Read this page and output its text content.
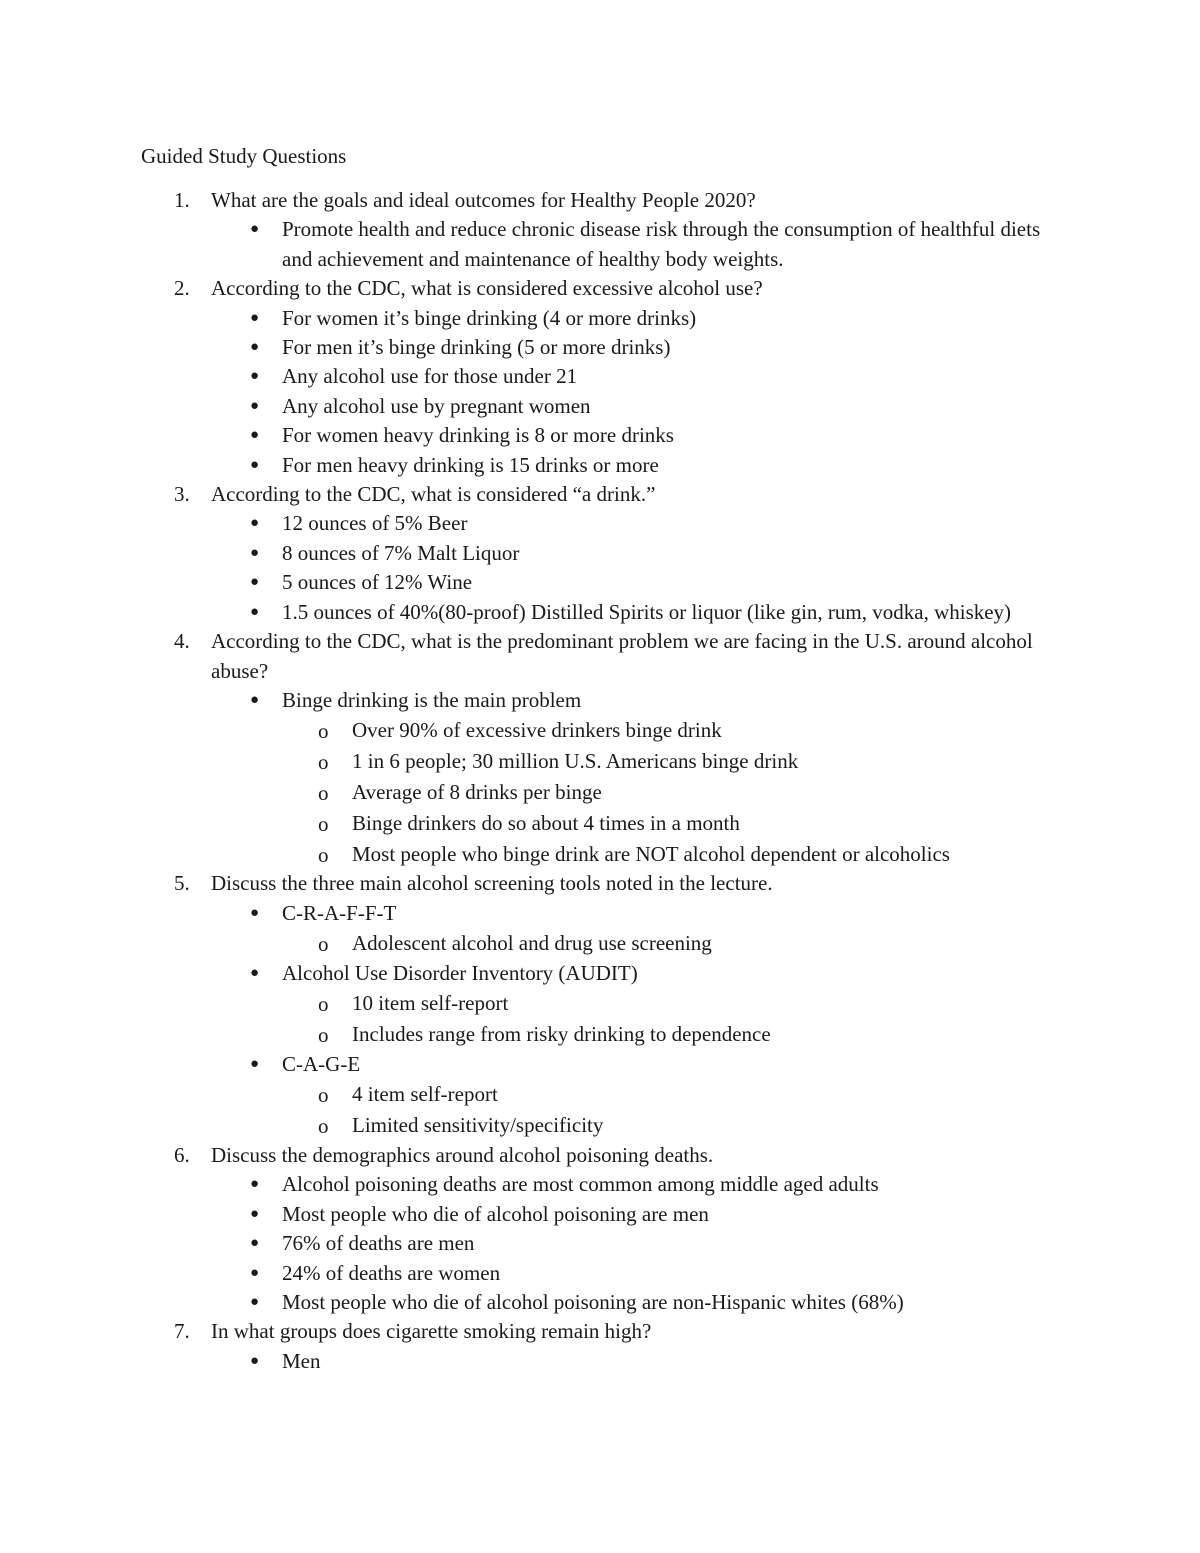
Guided Study Questions
1. What are the goals and ideal outcomes for Healthy People 2020?
●
Promote health and reduce chronic disease risk through the consumption of healthful diets and achievement and maintenance of healthy body weights.
2. According to the CDC, what is considered excessive alcohol use?
●
For women it’s binge drinking (4 or more drinks)
●
For men it’s binge drinking (5 or more drinks)
●
Any alcohol use for those under 21
●
Any alcohol use by pregnant women
●
For women heavy drinking is 8 or more drinks
●
For men heavy drinking is 15 drinks or more
3. According to the CDC, what is considered “a drink.”
●
12 ounces of 5% Beer
●
8 ounces of 7% Malt Liquor
●
5 ounces of 12% Wine
●
1.5 ounces of 40%(80-proof) Distilled Spirits or liquor (like gin, rum, vodka, whiskey)
4. According to the CDC, what is the predominant problem we are facing in the U.S. around alcohol abuse?
●
Binge drinking is the main problem
o Over 90% of excessive drinkers binge drink
o 1 in 6 people; 30 million U.S. Americans binge drink
o Average of 8 drinks per binge
o Binge drinkers do so about 4 times in a month
o Most people who binge drink are NOT alcohol dependent or alcoholics
5. Discuss the three main alcohol screening tools noted in the lecture.
●
C-R-A-F-F-T
o Adolescent alcohol and drug use screening
●
Alcohol Use Disorder Inventory (AUDIT)
o 10 item self-report
o Includes range from risky drinking to dependence
●
C-A-G-E
o 4 item self-report
o Limited sensitivity/specificity
6. Discuss the demographics around alcohol poisoning deaths.
●
Alcohol poisoning deaths are most common among middle aged adults
●
Most people who die of alcohol poisoning are men
●
76% of deaths are men
●
24% of deaths are women
●
Most people who die of alcohol poisoning are non-Hispanic whites (68%)
7. In what groups does cigarette smoking remain high?
●
Men
